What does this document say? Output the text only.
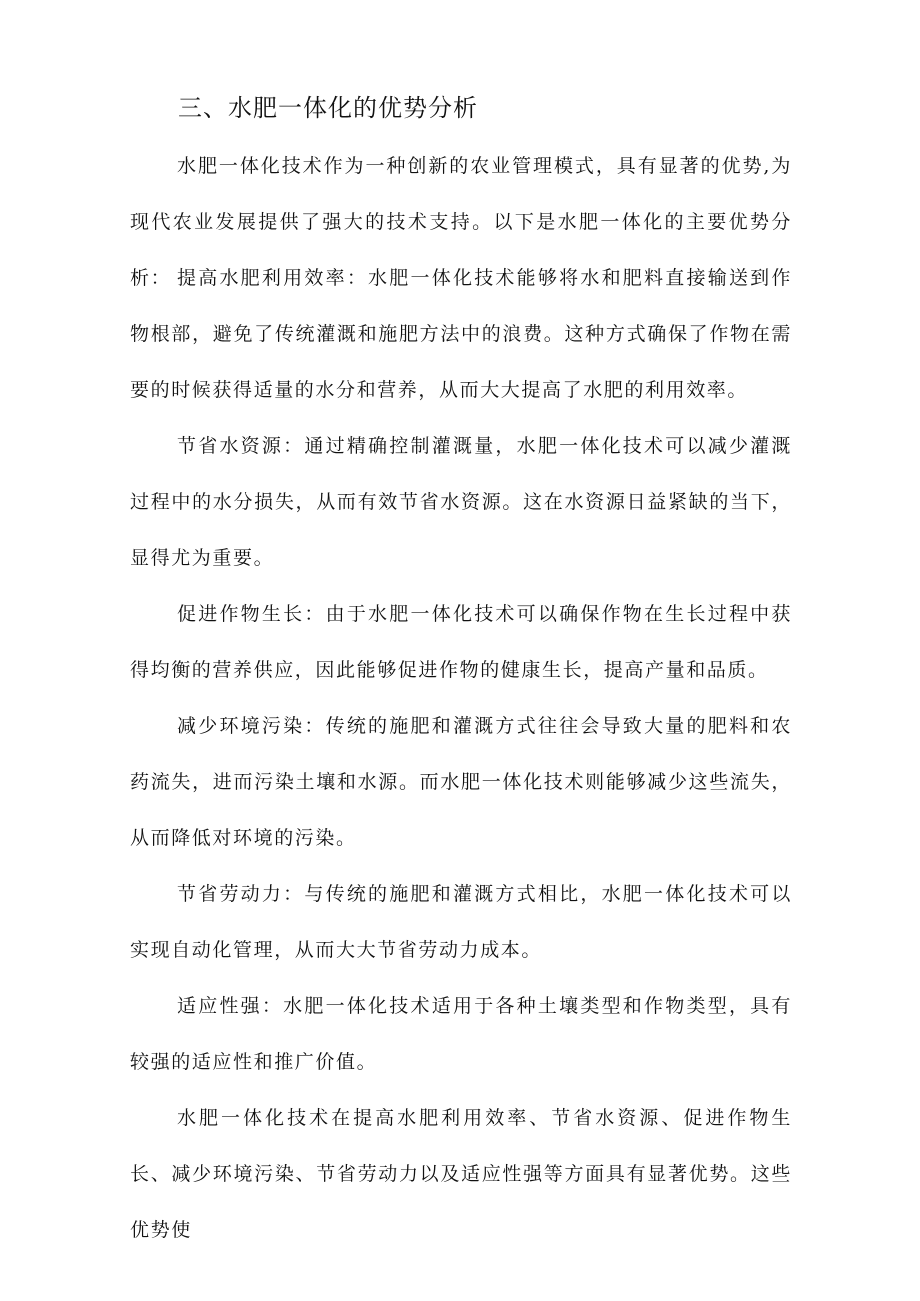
三、水肥一体化的优势分析

水肥一体化技术作为一种创新的农业管理模式，具有显著的优势,为现代农业发展提供了强大的技术支持。以下是水肥一体化的主要优势分析： 提高水肥利用效率：水肥一体化技术能够将水和肥料直接输送到作物根部，避免了传统灌溉和施肥方法中的浪费。这种方式确保了作物在需要的时候获得适量的水分和营养，从而大大提高了水肥的利用效率。

节省水资源：通过精确控制灌溉量，水肥一体化技术可以减少灌溉过程中的水分损失，从而有效节省水资源。这在水资源日益紧缺的当下，显得尤为重要。

促进作物生长：由于水肥一体化技术可以确保作物在生长过程中获得均衡的营养供应，因此能够促进作物的健康生长，提高产量和品质。

减少环境污染：传统的施肥和灌溉方式往往会导致大量的肥料和农药流失，进而污染土壤和水源。而水肥一体化技术则能够减少这些流失，从而降低对环境的污染。

节省劳动力：与传统的施肥和灌溉方式相比，水肥一体化技术可以实现自动化管理，从而大大节省劳动力成本。

适应性强：水肥一体化技术适用于各种土壤类型和作物类型，具有较强的适应性和推广价值。

水肥一体化技术在提高水肥利用效率、节省水资源、促进作物生长、减少环境污染、节省劳动力以及适应性强等方面具有显著优势。这些优势使
